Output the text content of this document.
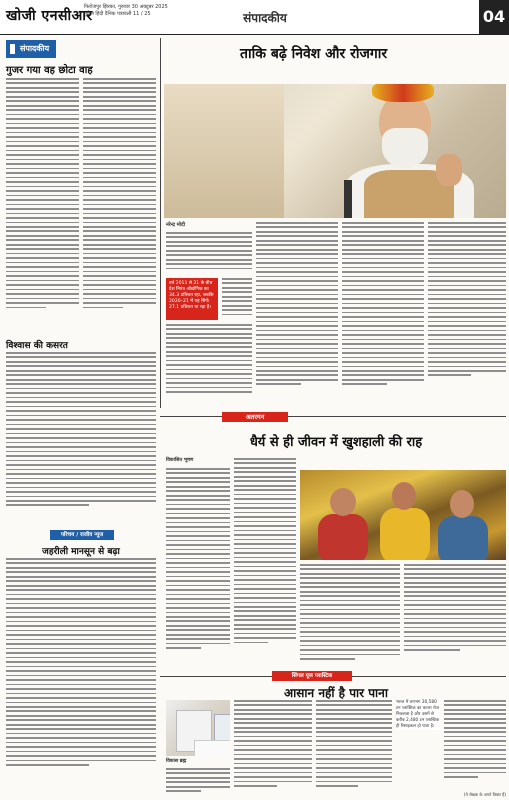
खोजी एनसीआर
फिरोजपुर झिरका, गुरुवार 30 अक्टूबर 2025
मुद्रित हिंदी दैनिक पत्रावली 11 / 25	संपादकीय	04
संपादकीय
गुजर गया वह छोटा वाह
विश्वास की कसरत
परिचय / राजीव न्यूज
जहरीली मानसून से बढ़ा
ताकि बढ़े निवेश और रोजगार
नरेन्द्र मोदी
वर्ष 2011 से 21 के बीच देश नियंत्र औद्योगिक का 34.3 प्रतिशत रहा, जबकि 2020–21 में यह सिर्फ 27.1 प्रतिशत था रहा है।
अतरगन
धैर्य से ही जीवन में खुशहाली की राह
विकासित भूषण
सिंगल यूज प्लास्टिक
आसान नहीं है पार पाना
विकास ब्रह्म
भारत में लगभग 30,580 टन प्लास्टिक का कचरा रोज निकलता है और उसमें से करीब 2,480 टन प्लास्टिक ही रिसाइकल हो पाता है।
(ये लेखक के अपने विचार हैं)
